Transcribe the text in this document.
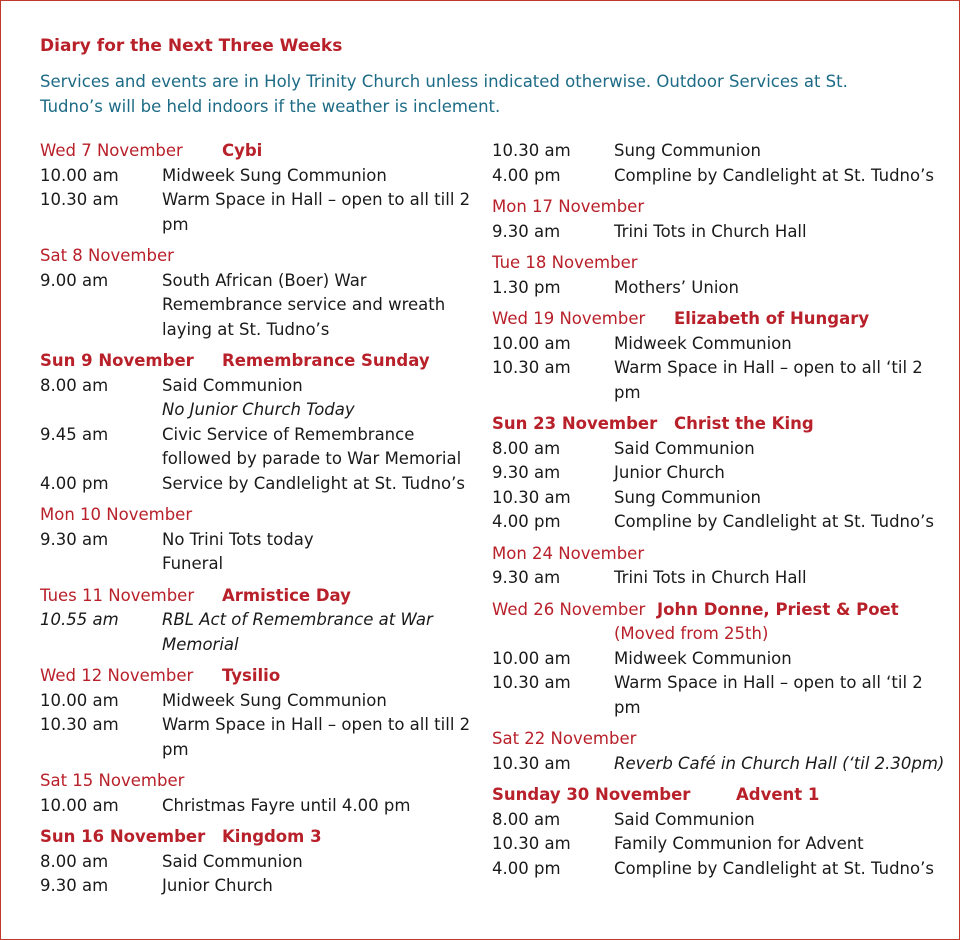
Diary for the Next Three Weeks
Services and events are in Holy Trinity Church unless indicated otherwise. Outdoor Services at St. Tudno’s will be held indoors if the weather is inclement.
Wed 7 November Cybi
10.00 am	Midweek Sung Communion
10.30 am	Warm Space in Hall – open to all till 2 pm
Sat 8 November
9.00 am	South African (Boer) War Remembrance service and wreath laying at St. Tudno’s
Sun 9 November Remembrance Sunday
8.00 am	Said Communion
No Junior Church Today
9.45 am	Civic Service of Remembrance followed by parade to War Memorial
4.00 pm	Service by Candlelight at St. Tudno’s
Mon 10 November
9.30 am	No Trini Tots today
Funeral
Tues 11 November Armistice Day
10.55 am	RBL Act of Remembrance at War Memorial
Wed 12 November Tysilio
10.00 am	Midweek Sung Communion
10.30 am	Warm Space in Hall – open to all till 2 pm
Sat 15 November
10.00 am	Christmas Fayre until 4.00 pm
Sun 16 November Kingdom 3
8.00 am	Said Communion
9.30 am	Junior Church
10.30 am	Sung Communion
4.00 pm	Compline by Candlelight at St. Tudno’s
Mon 17 November
9.30 am	Trini Tots in Church Hall
Tue 18 November
1.30 pm	Mothers’ Union
Wed 19 November Elizabeth of Hungary
10.00 am	Midweek Communion
10.30 am	Warm Space in Hall – open to all ‘til 2 pm
Sun 23 November Christ the King
8.00 am	Said Communion
9.30 am	Junior Church
10.30 am	Sung Communion
4.00 pm	Compline by Candlelight at St. Tudno’s
Mon 24 November
9.30 am	Trini Tots in Church Hall
Wed 26 November John Donne, Priest & Poet
(Moved from 25th)
10.00 am	Midweek Communion
10.30 am	Warm Space in Hall – open to all ‘til 2 pm
Sat 22 November
10.30 am	Reverb Café in Church Hall (‘til 2.30pm)
Sunday 30 November	Advent 1
8.00 am	Said Communion
10.30 am	Family Communion for Advent
4.00 pm	Compline by Candlelight at St. Tudno’s
